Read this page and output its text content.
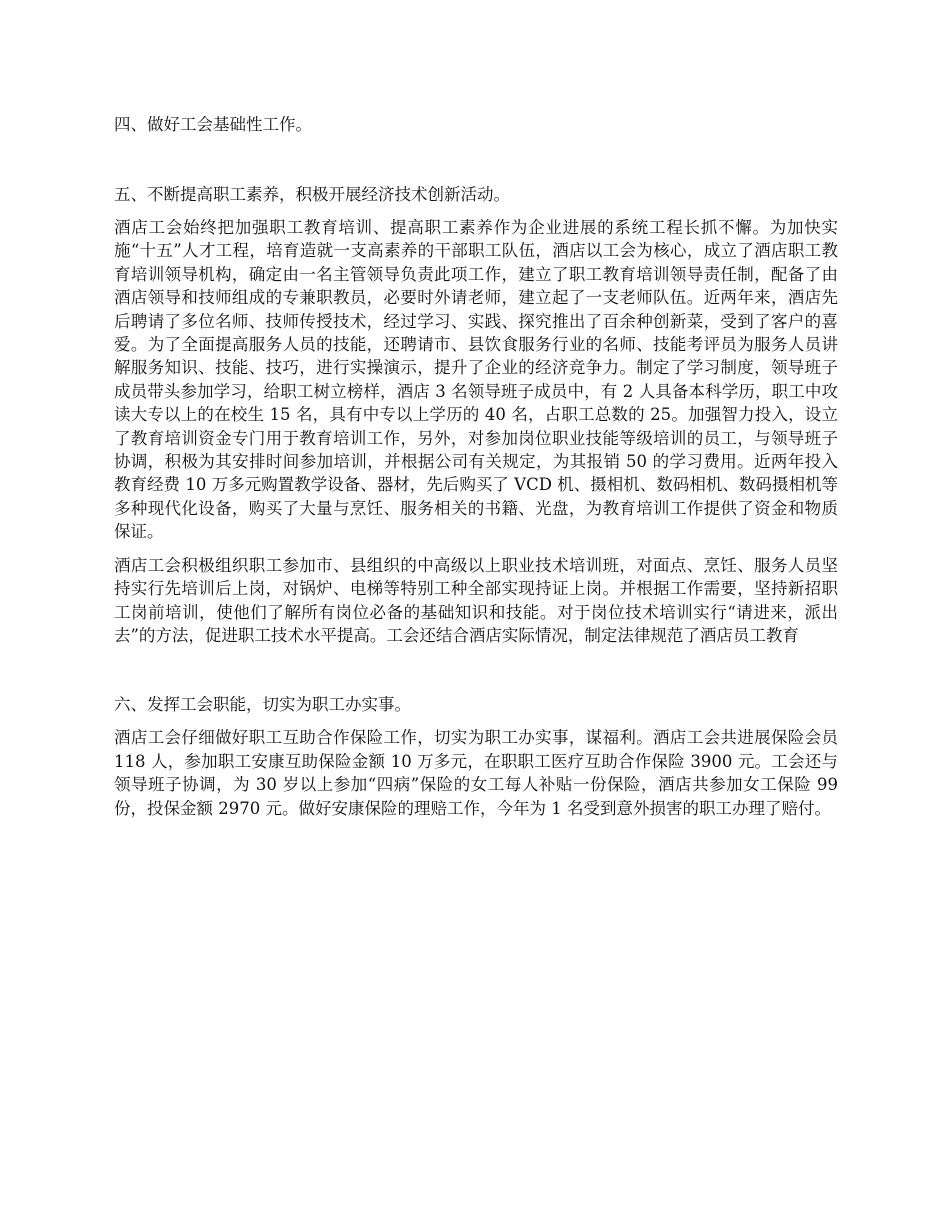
四、做好工会基础性工作。

五、不断提高职工素养，积极开展经济技术创新活动。

酒店工会始终把加强职工教育培训、提高职工素养作为企业进展的系统工程长抓不懈。为加快实施“十五”人才工程，培育造就一支高素养的干部职工队伍，酒店以工会为核心，成立了酒店职工教育培训领导机构，确定由一名主管领导负责此项工作，建立了职工教育培训领导责任制，配备了由酒店领导和技师组成的专兼职教员，必要时外请老师，建立起了一支老师队伍。近两年来，酒店先后聘请了多位名师、技师传授技术，经过学习、实践、探究推出了百余种创新菜，受到了客户的喜爱。为了全面提高服务人员的技能，还聘请市、县饮食服务行业的名师、技能考评员为服务人员讲解服务知识、技能、技巧，进行实操演示，提升了企业的经济竞争力。制定了学习制度，领导班子成员带头参加学习，给职工树立榜样，酒店 3 名领导班子成员中，有 2 人具备本科学历，职工中攻读大专以上的在校生 15 名，具有中专以上学历的 40 名，占职工总数的 25。加强智力投入，设立了教育培训资金专门用于教育培训工作，另外，对参加岗位职业技能等级培训的员工，与领导班子协调，积极为其安排时间参加培训，并根据公司有关规定，为其报销 50 的学习费用。近两年投入教育经费 10 万多元购置教学设备、器材，先后购买了 VCD 机、摄相机、数码相机、数码摄相机等多种现代化设备，购买了大量与烹饪、服务相关的书籍、光盘，为教育培训工作提供了资金和物质保证。

酒店工会积极组织职工参加市、县组织的中高级以上职业技术培训班，对面点、烹饪、服务人员坚持实行先培训后上岗，对锅炉、电梯等特别工种全部实现持证上岗。并根据工作需要，坚持新招职工岗前培训，使他们了解所有岗位必备的基础知识和技能。对于岗位技术培训实行“请进来，派出去”的方法，促进职工技术水平提高。工会还结合酒店实际情况，制定法律规范了酒店员工教育

六、发挥工会职能，切实为职工办实事。

酒店工会仔细做好职工互助合作保险工作，切实为职工办实事，谋福利。酒店工会共进展保险会员 118 人，参加职工安康互助保险金额 10 万多元，在职职工医疗互助合作保险 3900 元。工会还与领导班子协调，为 30 岁以上参加“四病”保险的女工每人补贴一份保险，酒店共参加女工保险 99 份，投保金额 2970 元。做好安康保险的理赔工作，今年为 1 名受到意外损害的职工办理了赔付。
